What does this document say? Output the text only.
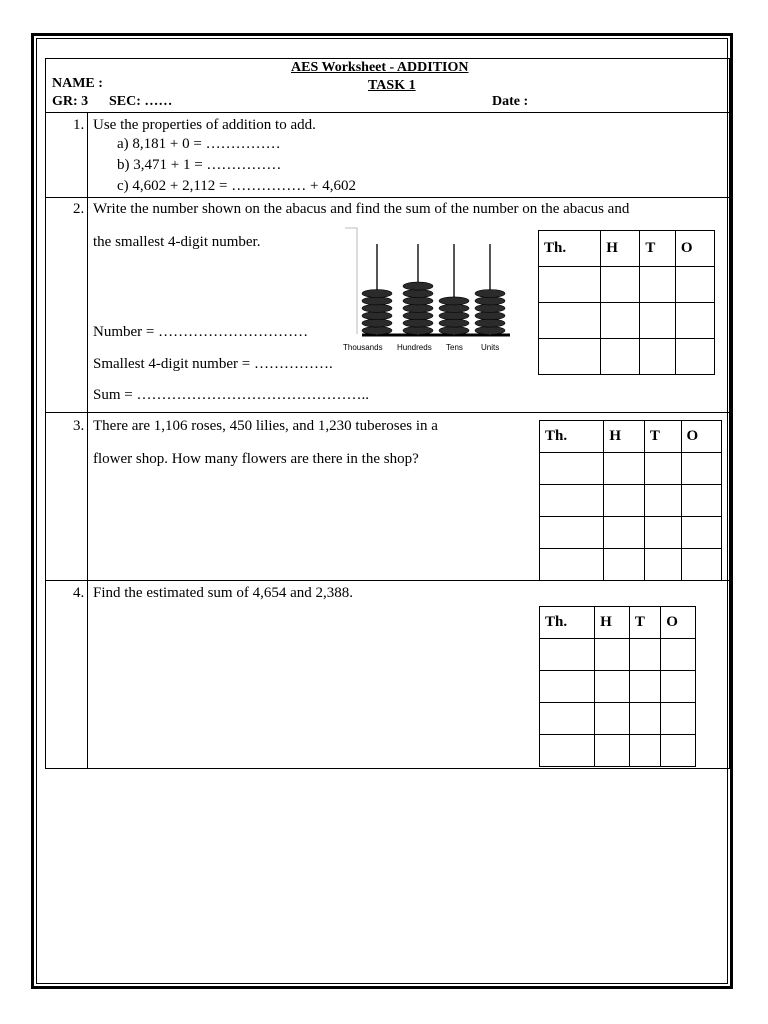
AES Worksheet - ADDITION
NAME :	TASK 1
GR: 3 SEC: ……	Date :
1. Use the properties of addition to add.
a) 8,181 + 0 = ……………
b) 3,471 + 1 = ……………
c) 4,602 + 2,112 = …………… + 4,602
2. Write the number shown on the abacus and find the sum of the number on the abacus and
the smallest 4-digit number.
Number = …………………………
Smallest 4-digit number = …………….
Sum = ………………………………………..
Thousands Hundreds Tens Units
Th.	H	T	O

3. There are 1,106 roses, 450 lilies, and 1,230 tuberoses in a
flower shop. How many flowers are there in the shop?
Th.	H	T	O

4. Find the estimated sum of 4,654 and 2,388.
Th.	H	T	O
